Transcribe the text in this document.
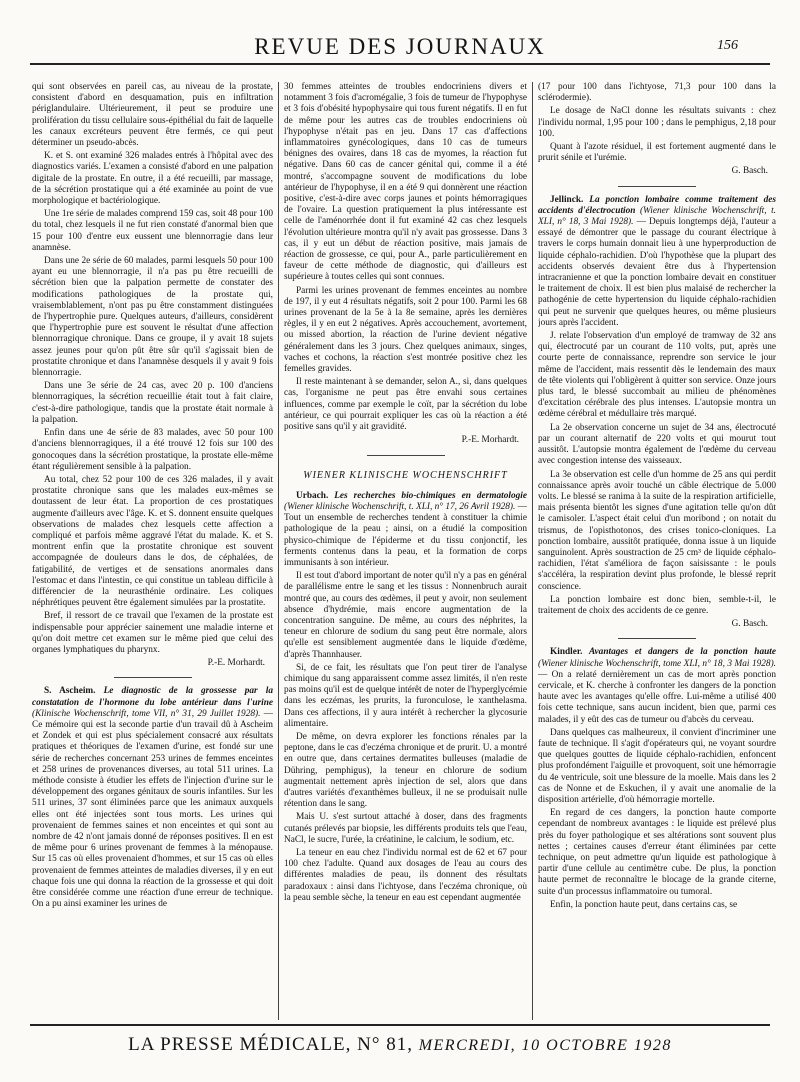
REVUE DES JOURNAUX	156

qui sont observées en pareil cas, au niveau de la prostate, consistent d'abord en desquamation, puis en infiltration périglandulaire. Ultérieurement, il peut se produire une prolifération du tissu cellulaire sous-épithélial du fait de laquelle les canaux excréteurs peuvent être fermés, ce qui peut déterminer un pseudo-abcès.

K. et S. ont examiné 326 malades entrés à l'hôpital avec des diagnostics variés. L'examen a consisté d'abord en une palpation digitale de la prostate. En outre, il a été recueilli, par massage, de la sécrétion prostatique qui a été examinée au point de vue morphologique et bactériologique.

Une 1re série de malades comprend 159 cas, soit 48 pour 100 du total, chez lesquels il ne fut rien constaté d'anormal bien que 15 pour 100 d'entre eux eussent une blennorragie dans leur anamnèse.

Dans une 2e série de 60 malades, parmi lesquels 50 pour 100 ayant eu une blennorragie, il n'a pas pu être recueilli de sécrétion bien que la palpation permette de constater des modifications pathologiques de la prostate qui, vraisemblablement, n'ont pas pu être constamment distinguées de l'hypertrophie pure. Quelques auteurs, d'ailleurs, considèrent que l'hypertrophie pure est souvent le résultat d'une affection blennorragique chronique. Dans ce groupe, il y avait 18 sujets assez jeunes pour qu'on pût être sûr qu'il s'agissait bien de prostatite chronique et dans l'anamnèse desquels il y avait 9 fois blennorragie.

Dans une 3e série de 24 cas, avec 20 p. 100 d'anciens blennorragiques, la sécrétion recueillie était tout à fait claire, c'est-à-dire pathologique, tandis que la prostate était normale à la palpation.

Enfin dans une 4e série de 83 malades, avec 50 pour 100 d'anciens blennorragiques, il a été trouvé 12 fois sur 100 des gonocoques dans la sécrétion prostatique, la prostate elle-même étant régulièrement sensible à la palpation.

Au total, chez 52 pour 100 de ces 326 malades, il y avait prostatite chronique sans que les malades eux-mêmes se doutassent de leur état. La proportion de ces prostatiques augmente d'ailleurs avec l'âge. K. et S. donnent ensuite quelques observations de malades chez lesquels cette affection a compliqué et parfois même aggravé l'état du malade. K. et S. montrent enfin que la prostatite chronique est souvent accompagnée de douleurs dans le dos, de céphalées, de fatigabilité, de vertiges et de sensations anormales dans l'estomac et dans l'intestin, ce qui constitue un tableau difficile à différencier de la neurasthénie ordinaire. Les coliques néphrétiques peuvent être également simulées par la prostatite.

Bref, il ressort de ce travail que l'examen de la prostate est indispensable pour apprécier sainement une maladie interne et qu'on doit mettre cet examen sur le même pied que celui des organes lymphatiques du pharynx.

P.-E. Morhardt.

S. Ascheim. Le diagnostic de la grossesse par la constatation de l'hormone du lobe antérieur dans l'urine (Klinische Wochenschrift, tome VII, n° 31, 29 Juillet 1928). — Ce mémoire qui est la seconde partie d'un travail dû à Ascheim et Zondek et qui est plus spécialement consacré aux résultats pratiques et théoriques de l'examen d'urine, est fondé sur une série de recherches concernant 253 urines de femmes enceintes et 258 urines de provenances diverses, au total 511 urines. La méthode consiste à étudier les effets de l'injection d'urine sur le développement des organes génitaux de souris infantiles. Sur les 511 urines, 37 sont éliminées parce que les animaux auxquels elles ont été injectées sont tous morts. Les urines qui provenaient de femmes saines et non enceintes et qui sont au nombre de 42 n'ont jamais donné de réponses positives. Il en est de même pour 6 urines provenant de femmes à la ménopause. Sur 15 cas où elles provenaient d'hommes, et sur 15 cas où elles provenaient de femmes atteintes de maladies diverses, il y en eut chaque fois une qui donna la réaction de la grossesse et qui doit être considérée comme une réaction d'une erreur de technique. On a pu ainsi examiner les urines de

30 femmes atteintes de troubles endocriniens divers et notamment 3 fois d'acromégalie, 3 fois de tumeur de l'hypophyse et 3 fois d'obésité hypophysaire qui tous furent négatifs. Il en fut de même pour les autres cas de troubles endocriniens où l'hypophyse n'était pas en jeu. Dans 17 cas d'affections inflammatoires gynécologiques, dans 10 cas de tumeurs bénignes des ovaires, dans 18 cas de myomes, la réaction fut négative. Dans 60 cas de cancer génital qui, comme il a été montré, s'accompagne souvent de modifications du lobe antérieur de l'hypophyse, il en a été 9 qui donnèrent une réaction positive, c'est-à-dire avec corps jaunes et points hémorragiques de l'ovaire. La question pratiquement la plus intéressante est celle de l'aménorrhée dont il fut examiné 42 cas chez lesquels l'évolution ultérieure montra qu'il n'y avait pas grossesse. Dans 3 cas, il y eut un début de réaction positive, mais jamais de réaction de grossesse, ce qui, pour A., parle particulièrement en faveur de cette méthode de diagnostic, qui d'ailleurs est supérieure à toutes celles qui sont connues.

Parmi les urines provenant de femmes enceintes au nombre de 197, il y eut 4 résultats négatifs, soit 2 pour 100. Parmi les 68 urines provenant de la 5e à la 8e semaine, après les dernières règles, il y en eut 2 négatives. Après accouchement, avortement, ou missed abortion, la réaction de l'urine devient négative généralement dans les 3 jours. Chez quelques animaux, singes, vaches et cochons, la réaction s'est montrée positive chez les femelles gravides.

Il reste maintenant à se demander, selon A., si, dans quelques cas, l'organisme ne peut pas être envahi sous certaines influences, comme par exemple le coït, par la sécrétion du lobe antérieur, ce qui pourrait expliquer les cas où la réaction a été positive sans qu'il y ait gravidité.

P.-E. Morhardt.

WIENER KLINISCHE WOCHENSCHRIFT

Urbach. Les recherches bio-chimiques en dermatologie (Wiener klinische Wochenschrift, t. XLI, n° 17, 26 Avril 1928). — Tout un ensemble de recherches tendent à constituer la chimie pathologique de la peau ; ainsi, on a étudié la composition physico-chimique de l'épiderme et du tissu conjonctif, les ferments contenus dans la peau, et la formation de corps immunisants à son intérieur.

Il est tout d'abord important de noter qu'il n'y a pas en général de parallélisme entre le sang et les tissus : Nonnenbruch aurait montré que, au cours des œdèmes, il peut y avoir, non seulement absence d'hydrémie, mais encore augmentation de la concentration sanguine. De même, au cours des néphrites, la teneur en chlorure de sodium du sang peut être normale, alors qu'elle est sensiblement augmentée dans le liquide d'œdème, d'après Thannhauser.

Si, de ce fait, les résultats que l'on peut tirer de l'analyse chimique du sang apparaissent comme assez limités, il n'en reste pas moins qu'il est de quelque intérêt de noter de l'hyperglycémie dans les eczémas, les prurits, la furonculose, le xanthelasma. Dans ces affections, il y aura intérêt à rechercher la glycosurie alimentaire.

De même, on devra explorer les fonctions rénales par la peptone, dans le cas d'eczéma chronique et de prurit. U. a montré en outre que, dans certaines dermatites bulleuses (maladie de Dühring, pemphigus), la teneur en chlorure de sodium augmentait nettement après injection de sel, alors que dans d'autres variétés d'exanthèmes bulleux, il ne se produisait nulle rétention dans le sang.

Mais U. s'est surtout attaché à doser, dans des fragments cutanés prélevés par biopsie, les différents produits tels que l'eau, NaCl, le sucre, l'urée, la créatinine, le calcium, le sodium, etc.

La teneur en eau chez l'individu normal est de 62 et 67 pour 100 chez l'adulte. Quand aux dosages de l'eau au cours des différentes maladies de peau, ils donnent des résultats paradoxaux : ainsi dans l'ichtyose, dans l'eczéma chronique, où la peau semble sèche, la teneur en eau est cependant augmentée

(17 pour 100 dans l'ichtyose, 71,3 pour 100 dans la sclérodermie).

Le dosage de NaCl donne les résultats suivants : chez l'individu normal, 1,95 pour 100 ; dans le pemphigus, 2,18 pour 100.

Quant à l'azote résiduel, il est fortement augmenté dans le prurit sénile et l'urémie.

G. Basch.

Jellinck. La ponction lombaire comme traitement des accidents d'électrocution (Wiener klinische Wochenschrift, t. XLI, n° 18, 3 Mai 1928). — Depuis longtemps déjà, l'auteur a essayé de démontrer que le passage du courant électrique à travers le corps humain donnait lieu à une hyperproduction de liquide céphalo-rachidien. D'où l'hypothèse que la plupart des accidents observés devaient être dus à l'hypertension intracranienne et que la ponction lombaire devait en constituer le traitement de choix. Il est bien plus malaisé de rechercher la pathogénie de cette hypertension du liquide céphalo-rachidien qui peut ne survenir que quelques heures, ou même plusieurs jours après l'accident.

J. relate l'observation d'un employé de tramway de 32 ans qui, électrocuté par un courant de 110 volts, put, après une courte perte de connaissance, reprendre son service le jour même de l'accident, mais ressentit dès le lendemain des maux de tête violents qui l'obligèrent à quitter son service. Onze jours plus tard, le blessé succombait au milieu de phénomènes d'excitation cérébrale des plus intenses. L'autopsie montra un œdème cérébral et médullaire très marqué.

La 2e observation concerne un sujet de 34 ans, électrocuté par un courant alternatif de 220 volts et qui mourut tout aussitôt. L'autopsie montra également de l'œdème du cerveau avec congestion intense des vaisseaux.

La 3e observation est celle d'un homme de 25 ans qui perdit connaissance après avoir touché un câble électrique de 5.000 volts. Le blessé se ranima à la suite de la respiration artificielle, mais présenta bientôt les signes d'une agitation telle qu'on dût le camisoler. L'aspect était celui d'un moribond ; on notait du trismus, de l'opisthotonos, des crises tonico-cloniques. La ponction lombaire, aussitôt pratiquée, donna issue à un liquide sanguinolent. Après soustraction de 25 cm³ de liquide céphalo-rachidien, l'état s'améliora de façon saisissante : le pouls s'accéléra, la respiration devint plus profonde, le blessé reprit conscience.

La ponction lombaire est donc bien, semble-t-il, le traitement de choix des accidents de ce genre.

G. Basch.

Kindler. Avantages et dangers de la ponction haute (Wiener klinische Wochenschrift, tome XLI, n° 18, 3 Mai 1928). — On a relaté dernièrement un cas de mort après ponction cervicale, et K. cherche à confronter les dangers de la ponction haute avec les avantages qu'elle offre. Lui-même a utilisé 400 fois cette technique, sans aucun incident, bien que, parmi ces malades, il y eût des cas de tumeur ou d'abcès du cerveau.

Dans quelques cas malheureux, il convient d'incriminer une faute de technique. Il s'agit d'opérateurs qui, ne voyant sourdre que quelques gouttes de liquide céphalo-rachidien, enfoncent plus profondément l'aiguille et provoquent, soit une hémorragie du 4e ventricule, soit une blessure de la moelle. Mais dans les 2 cas de Nonne et de Eskuchen, il y avait une anomalie de la disposition artérielle, d'où hémorragie mortelle.

En regard de ces dangers, la ponction haute comporte cependant de nombreux avantages : le liquide est prélevé plus près du foyer pathologique et ses altérations sont souvent plus nettes ; certaines causes d'erreur étant éliminées par cette technique, on peut admettre qu'un liquide est pathologique à partir d'une cellule au centimètre cube. De plus, la ponction haute permet de reconnaître le blocage de la grande citerne, suite d'un processus inflammatoire ou tumoral.

Enfin, la ponction haute peut, dans certains cas, se

LA PRESSE MÉDICALE, N° 81, MERCREDI, 10 OCTOBRE 1928
